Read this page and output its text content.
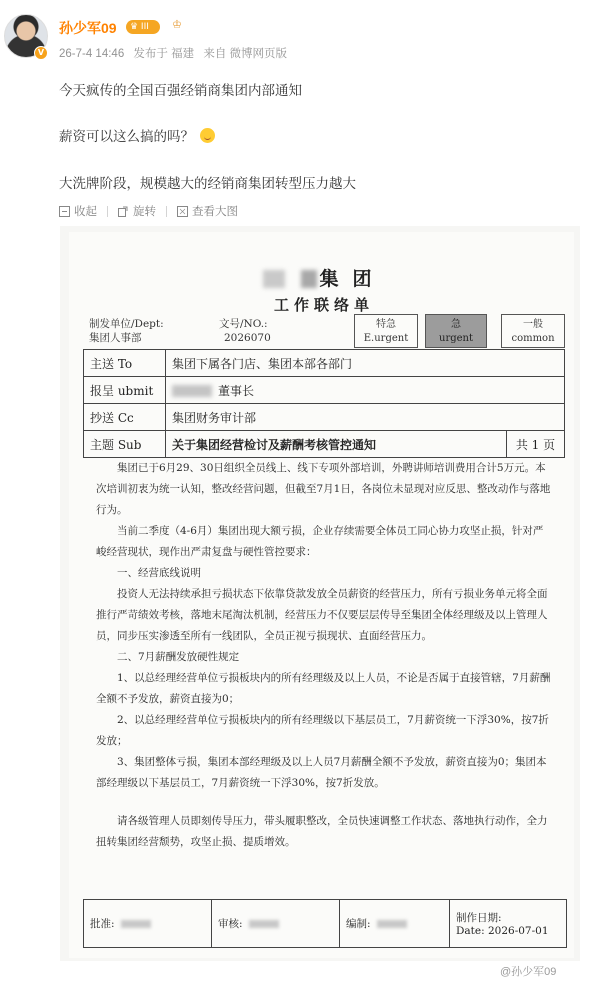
V
孙少军09	♛ III	♔
26-7-4 14:46 发布于 福建 来自 微博网页版
今天疯传的全国百强经销商集团内部通知
薪资可以这么搞的吗？
大洗牌阶段，规模越大的经销商集团转型压力越大
收起	旋转	查看大图
集团
工作联络单
制发单位/Dept:
集团人事部
文号/NO.:
2026070
特急
E.urgent
急
urgent
一般
common
主送 To	集团下属各门店、集团本部各部门	
报呈 ubmit	董事长	
抄送 Cc	集团财务审计部	
主题 Sub	关于集团经营检讨及薪酬考核管控通知	共 1 页

集团已于6月29、30日组织全员线上、线下专项外部培训，外聘讲师培训费用合计5万元。本次培训初衷为统一认知，整改经营问题，但截至7月1日，各岗位未显现对应反思、整改动作与落地行为。

当前二季度（4-6月）集团出现大额亏损，企业存续需要全体员工同心协力攻坚止损，针对严峻经营现状，现作出严肃复盘与硬性管控要求：

一、经营底线说明

投资人无法持续承担亏损状态下依靠贷款发放全员薪资的经营压力，所有亏损业务单元将全面推行严苛绩效考核，落地末尾淘汰机制，经营压力不仅要层层传导至集团全体经理级及以上管理人员，同步压实渗透至所有一线团队，全员正视亏损现状、直面经营压力。

二、7月薪酬发放硬性规定

1、以总经理经营单位亏损板块内的所有经理级及以上人员，不论是否属于直接管辖，7月薪酬全额不予发放，薪资直接为0；

2、以总经理经营单位亏损板块内的所有经理级以下基层员工，7月薪资统一下浮30%，按7折发放；

3、集团整体亏损，集团本部经理级及以上人员7月薪酬全额不予发放，薪资直接为0；集团本部经理级以下基层员工，7月薪资统一下浮30%，按7折发放。

请各级管理人员即刻传导压力，带头履职整改，全员快速调整工作状态、落地执行动作，全力扭转集团经营颓势，攻坚止损、提质增效。

批准:	审核:	编制:	制作日期:
Date: 2026-07-01
@孙少军09
